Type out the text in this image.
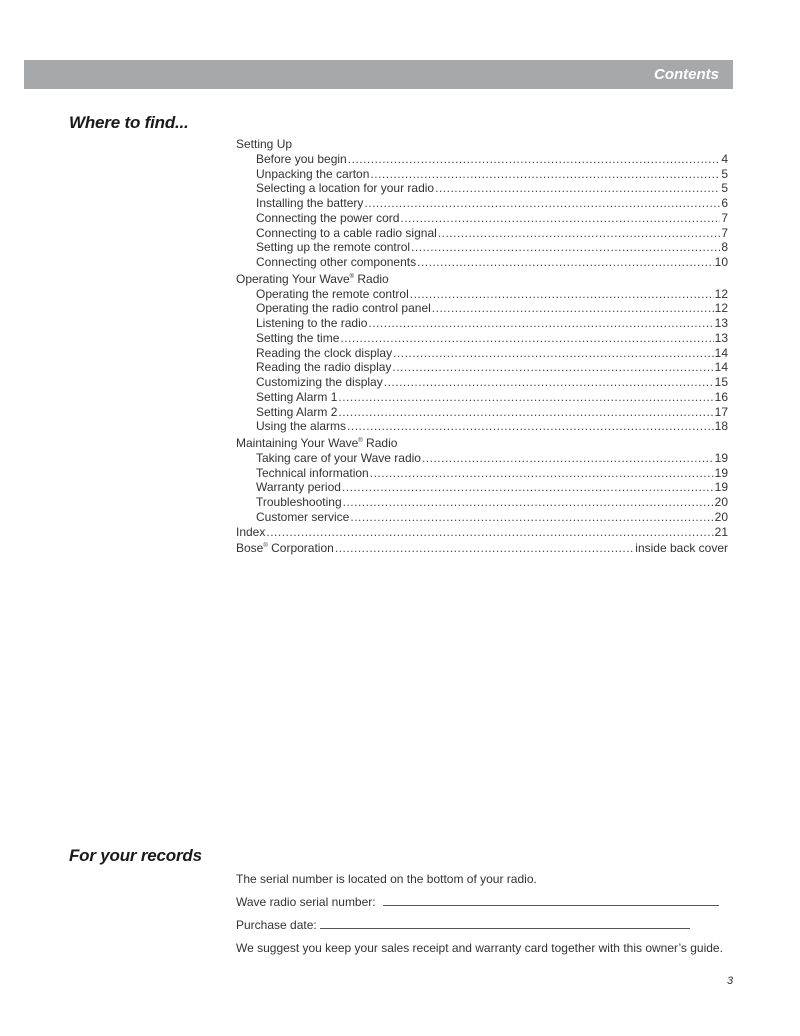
Contents
Where to find...
Setting Up
Before you begin .....	4
Unpacking the carton .....	5
Selecting a location for your radio .....	5
Installing the battery .....	6
Connecting the power cord .....	7
Connecting to a cable radio signal .....	7
Setting up the remote control .....	8
Connecting other components .....	10
Operating Your Wave® Radio
Operating the remote control .....	12
Operating the radio control panel .....	12
Listening to the radio .....	13
Setting the time .....	13
Reading the clock display .....	14
Reading the radio display .....	14
Customizing the display .....	15
Setting Alarm 1 .....	16
Setting Alarm 2 .....	17
Using the alarms .....	18
Maintaining Your Wave® Radio
Taking care of your Wave radio .....	19
Technical information .....	19
Warranty period .....	19
Troubleshooting .....	20
Customer service .....	20
Index .....	21
Bose® Corporation .....	inside back cover
For your records

The serial number is located on the bottom of your radio.

Wave radio serial number:

Purchase date:

We suggest you keep your sales receipt and warranty card together with this owner’s guide.

3
